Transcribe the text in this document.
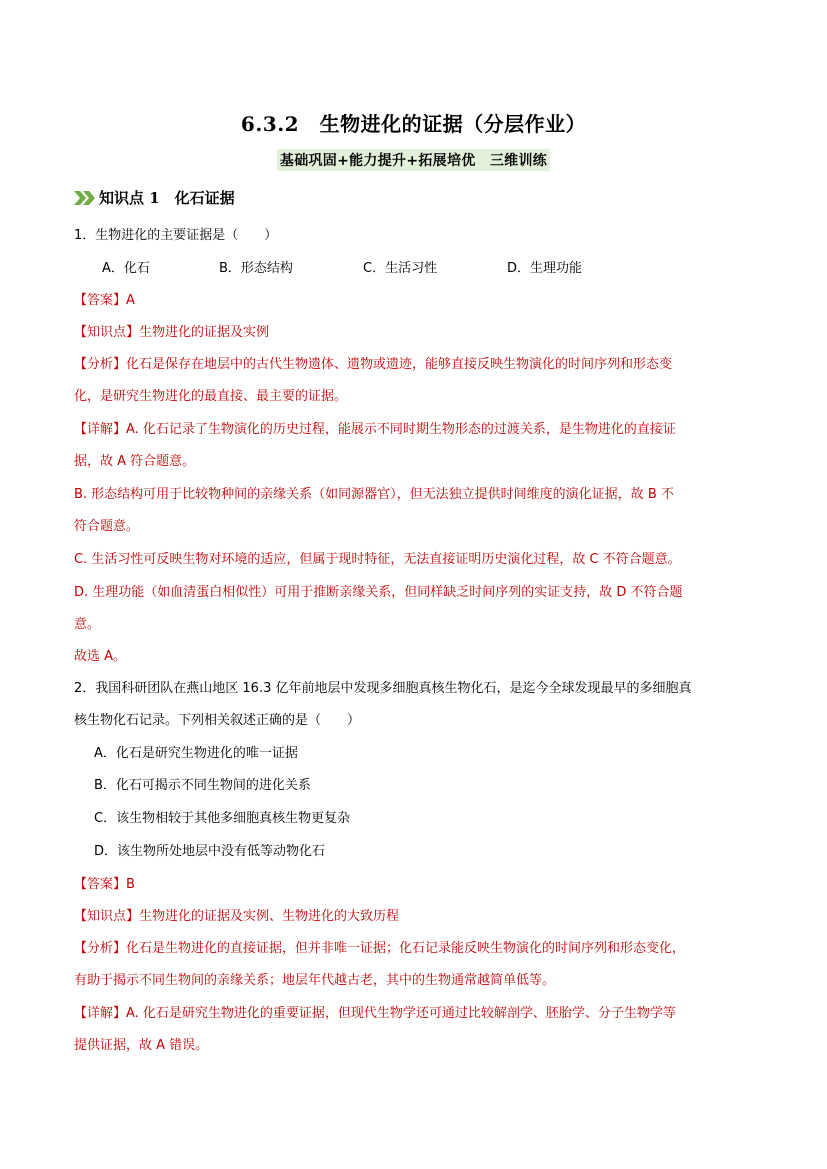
6.3.2　生物进化的证据（分层作业）
基础巩固+能力提升+拓展培优　三维训练
知识点 1　化石证据
1．生物进化的主要证据是（　　）
A．化石	B．形态结构	C．生活习性	D．生理功能
【答案】A
【知识点】生物进化的证据及实例
【分析】化石是保存在地层中的古代生物遗体、遗物或遗迹，能够直接反映生物演化的时间序列和形态变
化，是研究生物进化的最直接、最主要的证据。
【详解】A. 化石记录了生物演化的历史过程，能展示不同时期生物形态的过渡关系，是生物进化的直接证
据，故 A 符合题意。
B. 形态结构可用于比较物种间的亲缘关系（如同源器官），但无法独立提供时间维度的演化证据，故 B 不
符合题意。
C. 生活习性可反映生物对环境的适应，但属于现时特征，无法直接证明历史演化过程，故 C 不符合题意。
D. 生理功能（如血清蛋白相似性）可用于推断亲缘关系，但同样缺乏时间序列的实证支持，故 D 不符合题
意。
故选 A。
2．我国科研团队在燕山地区 16.3 亿年前地层中发现多细胞真核生物化石，是迄今全球发现最早的多细胞真
核生物化石记录。下列相关叙述正确的是（　　）
A．化石是研究生物进化的唯一证据
B．化石可揭示不同生物间的进化关系
C．该生物相较于其他多细胞真核生物更复杂
D．该生物所处地层中没有低等动物化石
【答案】B
【知识点】生物进化的证据及实例、生物进化的大致历程
【分析】化石是生物进化的直接证据，但并非唯一证据；化石记录能反映生物演化的时间序列和形态变化，
有助于揭示不同生物间的亲缘关系；地层年代越古老，其中的生物通常越简单低等。
【详解】A. 化石是研究生物进化的重要证据，但现代生物学还可通过比较解剖学、胚胎学、分子生物学等
提供证据，故 A 错误。
